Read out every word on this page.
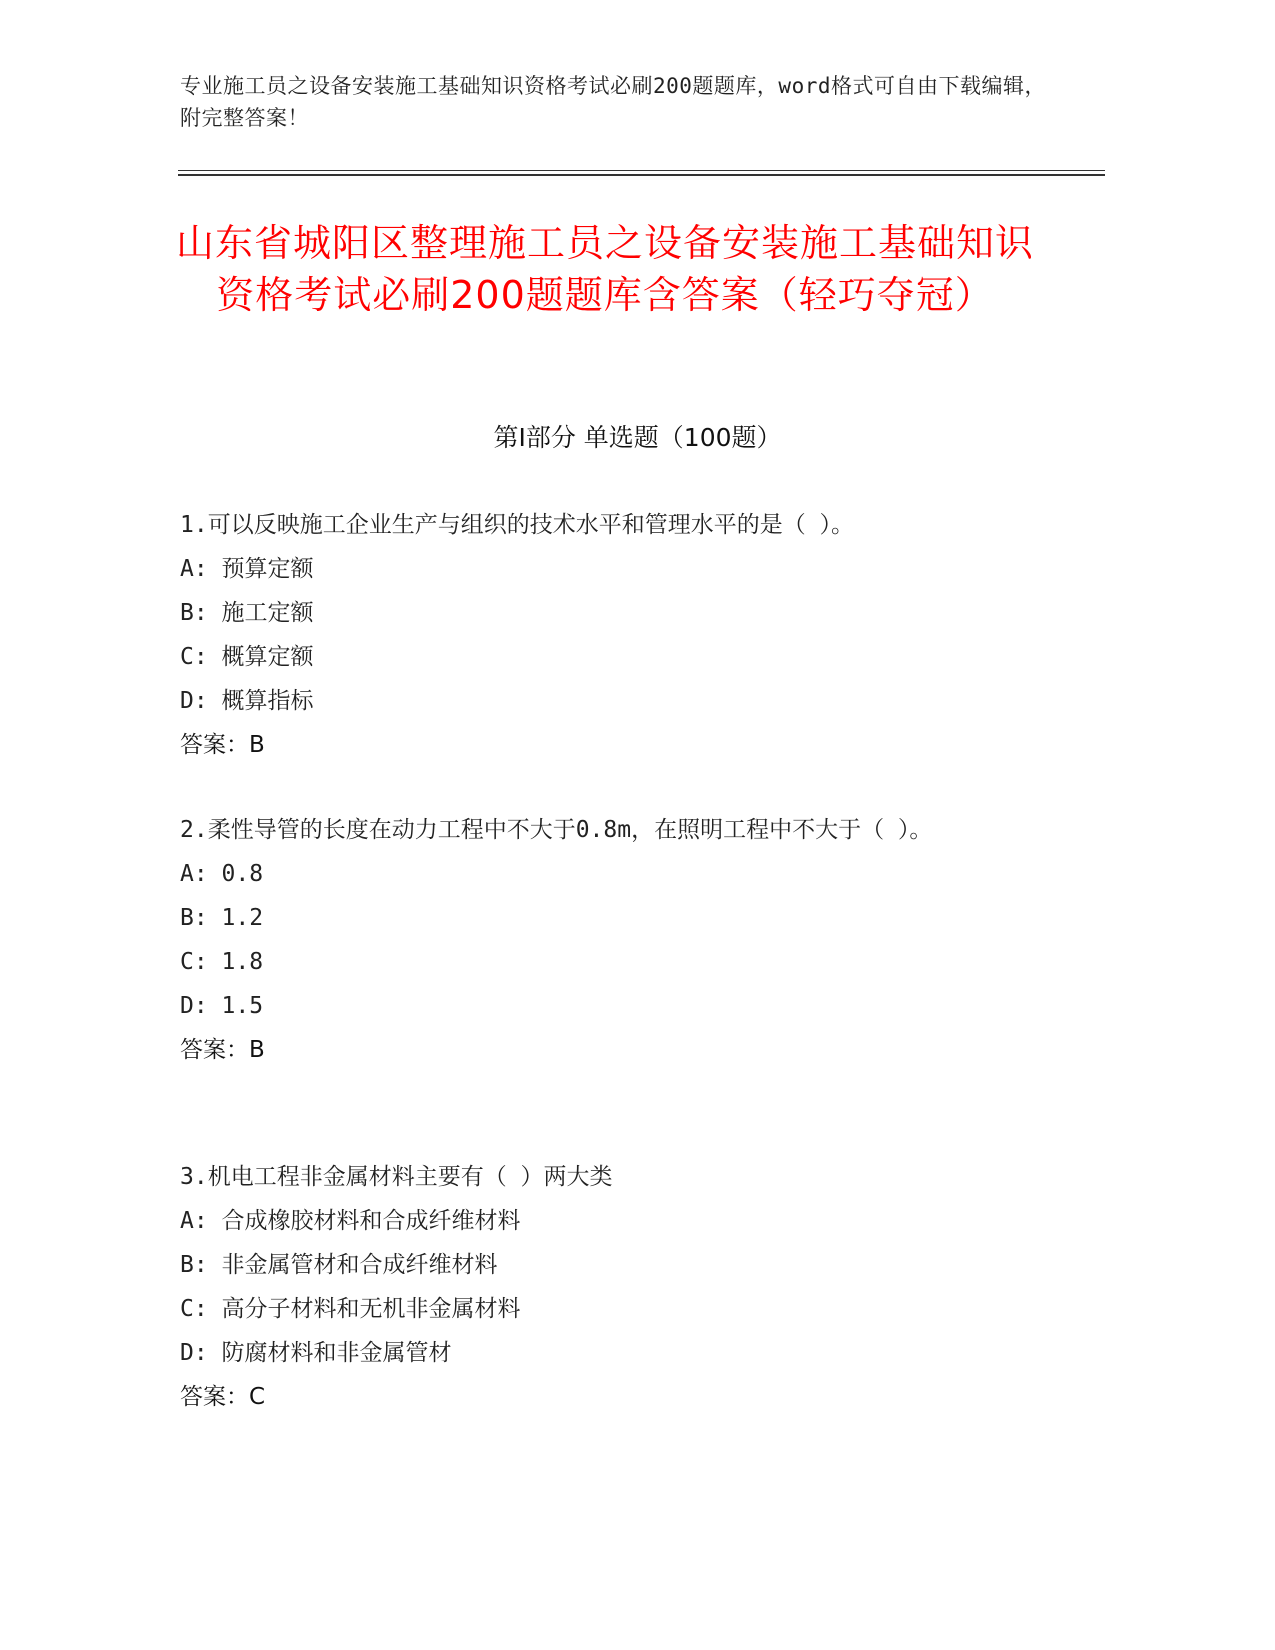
专业施工员之设备安装施工基础知识资格考试必刷200题题库，word格式可自由下载编辑，附完整答案！
山东省城阳区整理施工员之设备安装施工基础知识资格考试必刷200题题库含答案（轻巧夺冠）
第Ⅰ部分 单选题（100题）
1.可以反映施工企业生产与组织的技术水平和管理水平的是（ ）。
A: 预算定额
B: 施工定额
C: 概算定额
D: 概算指标
答案：B
2.柔性导管的长度在动力工程中不大于0.8m，在照明工程中不大于（ ）。
A: 0.8
B: 1.2
C: 1.8
D: 1.5
答案：B
3.机电工程非金属材料主要有（ ）两大类
A: 合成橡胶材料和合成纤维材料
B: 非金属管材和合成纤维材料
C: 高分子材料和无机非金属材料
D: 防腐材料和非金属管材
答案：C
